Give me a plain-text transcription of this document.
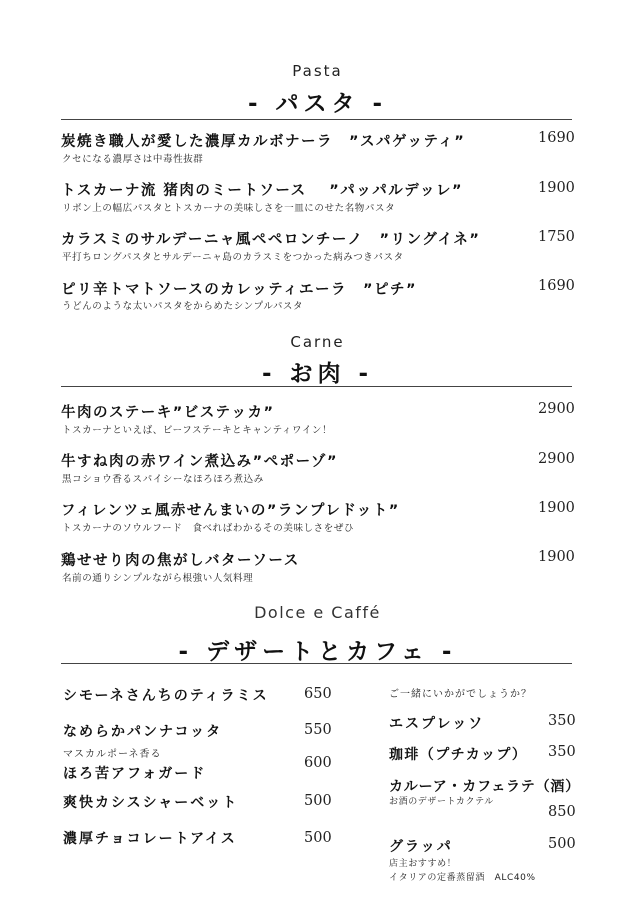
Pasta
- パスタ -
炭焼き職人が愛した濃厚カルボナーラ　”スパゲッティ”
クセになる濃厚さは中毒性抜群
1690
トスカーナ流 猪肉のミートソース　 ”パッパルデッレ”
リボン上の幅広パスタとトスカーナの美味しさを一皿にのせた名物パスタ
1900
カラスミのサルデーニャ風ペペロンチーノ　”リングイネ”
平打ちロングパスタとサルデーニャ島のカラスミをつかった病みつきパスタ
1750
ピリ辛トマトソースのカレッティエーラ　”ピチ”
うどんのような太いパスタをからめたシンプルパスタ
1690
Carne
- お肉 -
牛肉のステーキ”ビステッカ”
トスカーナといえば、ビーフステーキとキャンティワイン！
2900
牛すね肉の赤ワイン煮込み”ペポーゾ”
黒コショウ香るスパイシーなほろほろ煮込み
2900
フィレンツェ風赤せんまいの”ランプレドット”
トスカーナのソウルフード　食べればわかるその美味しさをぜひ
1900
鶏せせり肉の焦がしバターソース
名前の通りシンプルながら根強い人気料理
1900
Dolce e Caffé
- デザートとカフェ -
シモーネさんちのティラミス 650
なめらかパンナコッタ	550
マスカルポーネ香る
ほろ苦アフォガード
600
爽快カシスシャーベット	500
濃厚チョコレートアイス	500
ご一緒にいかがでしょうか？
エスプレッソ	350
珈琲（プチカップ） 350
カルーア・カフェラテ（酒）
お酒のデザートカクテル
850
グラッパ	500
店主おすすめ！
イタリアの定番蒸留酒　ALC40%
